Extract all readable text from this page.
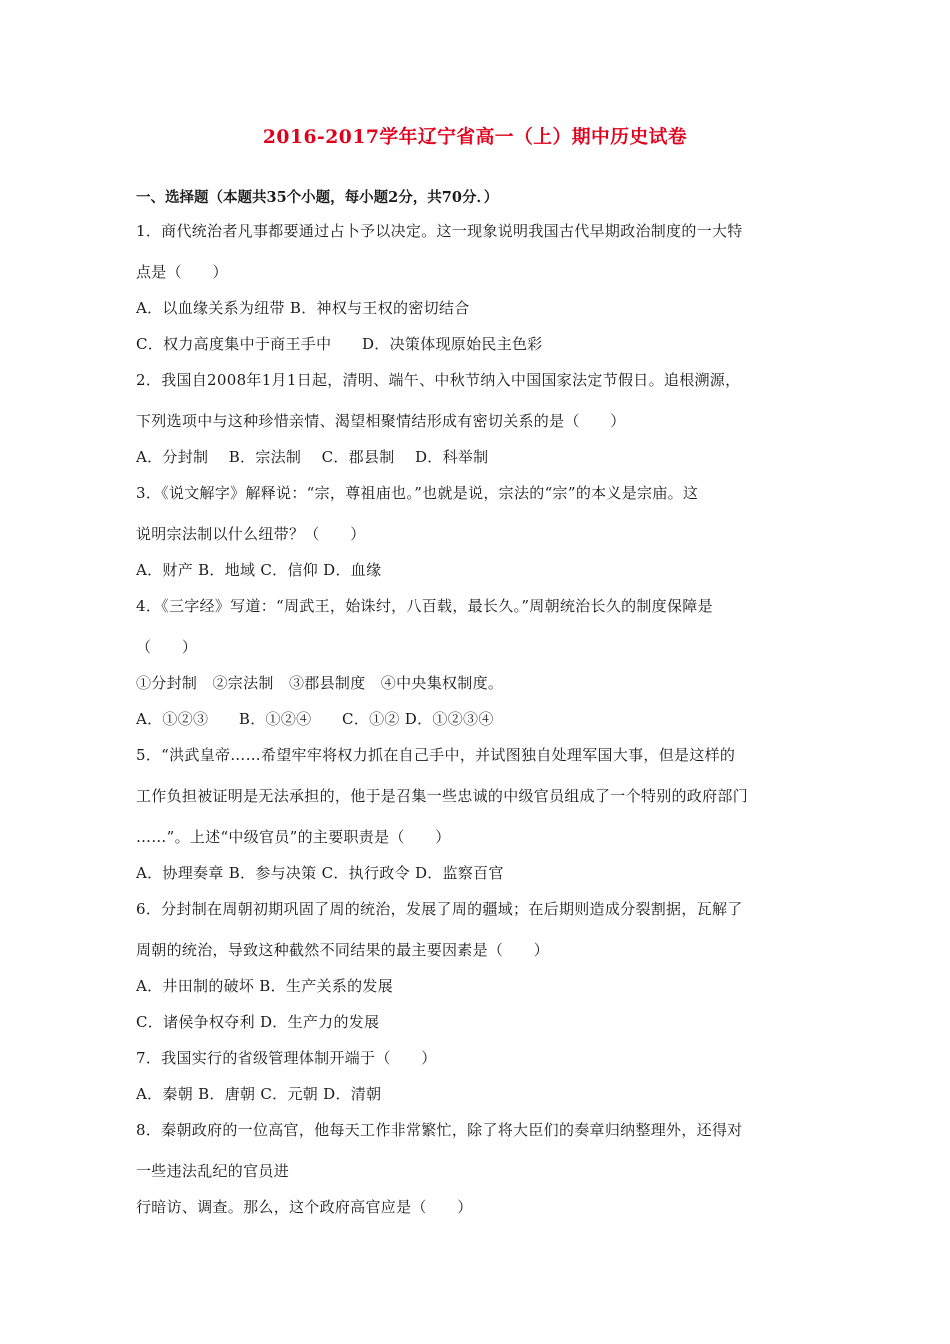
2016-2017学年辽宁省高一（上）期中历史试卷
一、选择题（本题共35个小题，每小题2分，共70分．）
1．商代统治者凡事都要通过占卜予以决定。这一现象说明我国古代早期政治制度的一大特
点是（　　）
A．以血缘关系为纽带 B．神权与王权的密切结合
C．权力高度集中于商王手中　　D．决策体现原始民主色彩
2．我国自2008年1月1日起，清明、端午、中秋节纳入中国国家法定节假日。追根溯源，
下列选项中与这种珍惜亲情、渴望相聚情结形成有密切关系的是（　　）
A．分封制　 B．宗法制　 C．郡县制　 D．科举制
3．《说文解字》解释说：“宗，尊祖庙也。”也就是说，宗法的“宗”的本义是宗庙。这
说明宗法制以什么纽带？（　　）
A．财产 B．地域 C．信仰 D．血缘
4．《三字经》写道：“周武王，始诛纣，八百载，最长久。”周朝统治长久的制度保障是
（　　）
①分封制　②宗法制　③郡县制度　④中央集权制度。
A．①②③　　B．①②④　　C．①② D．①②③④
5．“洪武皇帝……希望牢牢将权力抓在自己手中，并试图独自处理军国大事，但是这样的
工作负担被证明是无法承担的，他于是召集一些忠诚的中级官员组成了一个特别的政府部门
……”。上述“中级官员”的主要职责是（　　）
A．协理奏章 B．参与决策 C．执行政令 D．监察百官
6．分封制在周朝初期巩固了周的统治，发展了周的疆域；在后期则造成分裂割据，瓦解了
周朝的统治，导致这种截然不同结果的最主要因素是（　　）
A．井田制的破坏 B．生产关系的发展
C．诸侯争权夺利 D．生产力的发展
7．我国实行的省级管理体制开端于（　　）
A．秦朝 B．唐朝 C．元朝 D．清朝
8．秦朝政府的一位高官，他每天工作非常繁忙，除了将大臣们的奏章归纳整理外，还得对
一些违法乱纪的官员进
行暗访、调查。那么，这个政府高官应是（　　）
